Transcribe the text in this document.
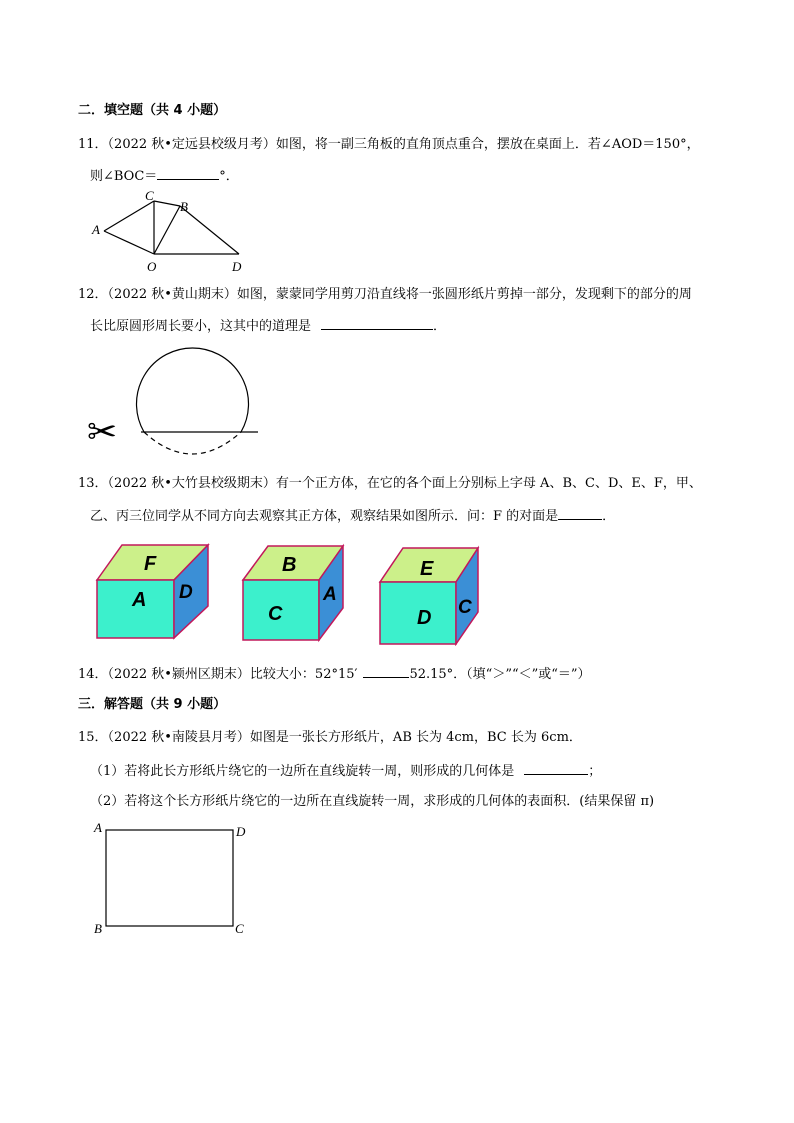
二．填空题（共 4 小题）
11．（2022 秋•定远县校级月考）如图，将一副三角板的直角顶点重合，摆放在桌面上．若∠AOD＝150°，
则∠BOC＝	°．
A
C
B
O	D
12．（2022 秋•黄山期末）如图，蒙蒙同学用剪刀沿直线将一张圆形纸片剪掉一部分，发现剩下的部分的周
长比原圆形周长要小，这其中的道理是	．
✂
13．（2022 秋•大竹县校级期末）有一个正方体，在它的各个面上分别标上字母 A、B、C、D、E、F，甲、
乙、丙三位同学从不同方向去观察其正方体，观察结果如图所示．问：F 的对面是	．
F
A D
B
C
A
E
D C
14．（2022 秋•颍州区期末）比较大小：52°15′	52.15°．（填“＞”“＜”或“＝”）
三．解答题（共 9 小题）
15．（2022 秋•南陵县月考）如图是一张长方形纸片，AB 长为 4cm，BC 长为 6cm．
（1）若将此长方形纸片绕它的一边所在直线旋转一周，则形成的几何体是	；
（2）若将这个长方形纸片绕它的一边所在直线旋转一周，求形成的几何体的表面积．(结果保留 π)
A	D
B	C
